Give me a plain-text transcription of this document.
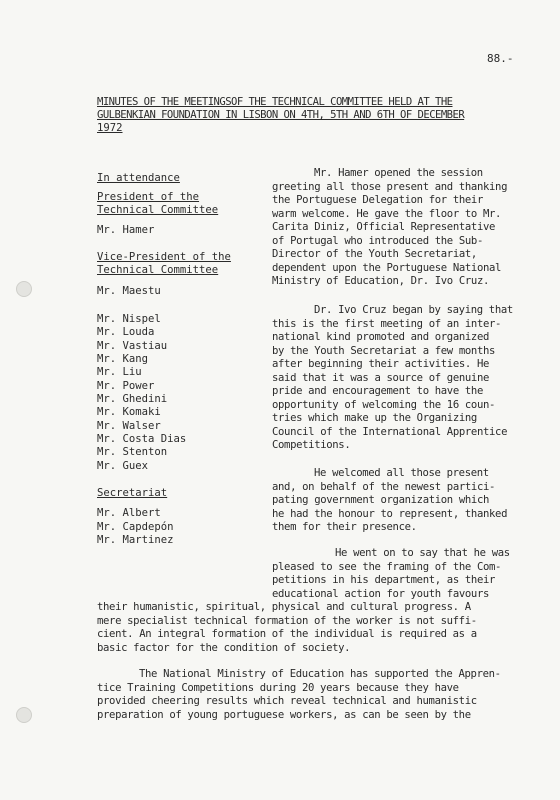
88.-
MINUTES OF THE MEETINGSOF THE TECHNICAL COMMITTEE HELD AT THE
GULBENKIAN FOUNDATION IN LISBON ON 4TH, 5TH AND 6TH OF DECEMBER
1972
In attendance
President of the
Technical Committee
Mr. Hamer
Vice-President of the
Technical Committee
Mr. Maestu
Mr. Nispel
Mr. Louda
Mr. Vastiau
Mr. Kang
Mr. Liu
Mr. Power
Mr. Ghedini
Mr. Komaki
Mr. Walser
Mr. Costa Dias
Mr. Stenton
Mr. Guex
Secretariat
Mr. Albert
Mr. Capdepón
Mr. Martinez
Mr. Hamer opened the session
greeting all those present and thanking
the Portuguese Delegation for their
warm welcome. He gave the floor to Mr.
Carita Diniz, Official Representative
of Portugal who introduced the Sub-
Director of the Youth Secretariat,
dependent upon the Portuguese National
Ministry of Education, Dr. Ivo Cruz.
Dr. Ivo Cruz began by saying that
this is the first meeting of an inter-
national kind promoted and organized
by the Youth Secretariat a few months
after beginning their activities. He
said that it was a source of genuine
pride and encouragement to have the
opportunity of welcoming the 16 coun-
tries which make up the Organizing
Council of the International Apprentice
Competitions.
He welcomed all those present
and, on behalf of the newest partici-
pating government organization which
he had the honour to represent, thanked
them for their presence.
He went on to say that he was
pleased to see the framing of the Com-
petitions in his department, as their
educational action for youth favours
their humanistic, spiritual, physical and cultural progress. A
mere specialist technical formation of the worker is not suffi-
cient. An integral formation of the individual is required as a
basic factor for the condition of society.
The National Ministry of Education has supported the Appren-
tice Training Competitions during 20 years because they have
provided cheering results which reveal technical and humanistic
preparation of young portuguese workers, as can be seen by the
